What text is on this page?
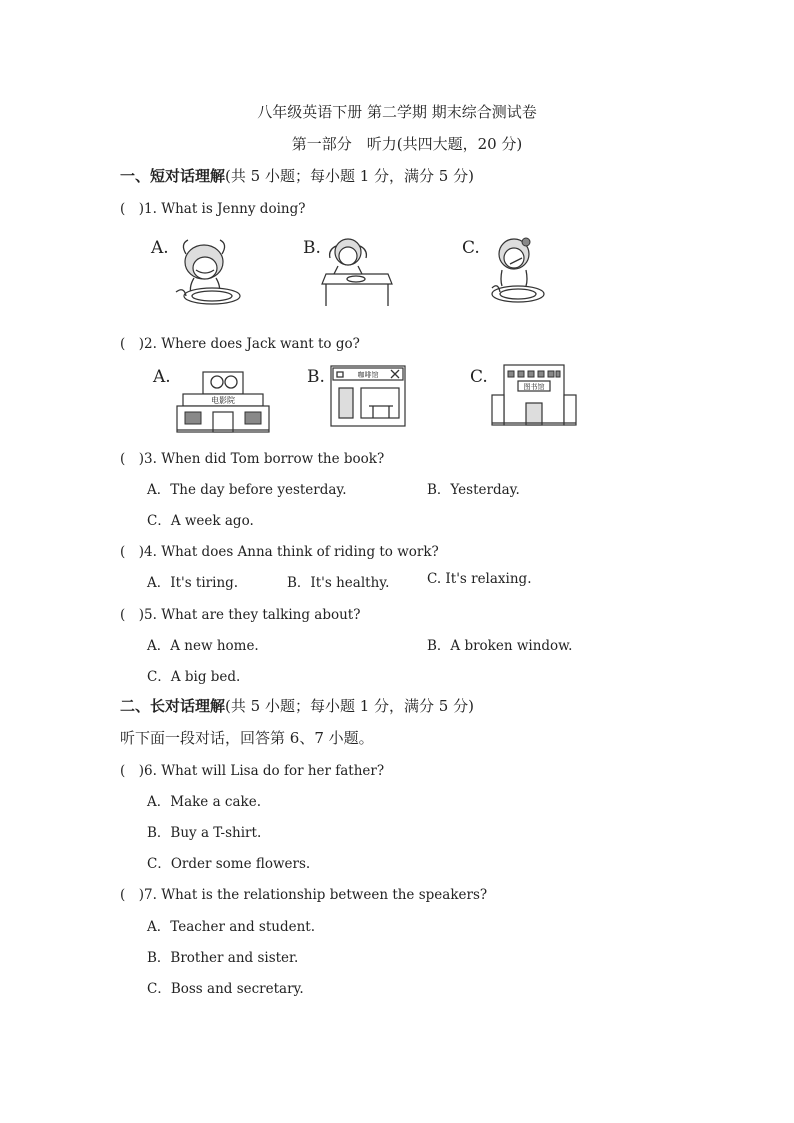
八年级英语下册 第二学期 期末综合测试卷
第一部分　听力(共四大题，20 分)
一、短对话理解(共 5 小题；每小题 1 分，满分 5 分)
(　)1. What is Jenny doing?
A.	B.	C.
(　)2. Where does Jack want to go?
A.	B.	C.
电影院
咖啡馆
图书馆
(　)3. When did Tom borrow the book?
A．The day before yesterday.	B．Yesterday.
C．A week ago.
(　)4. What does Anna think of riding to work?
A．It's tiring.	B．It's healthy.	C. It's relaxing.
(　)5. What are they talking about?
A．A new home.	B．A broken window.
C．A big bed.
二、长对话理解(共 5 小题；每小题 1 分，满分 5 分)
听下面一段对话，回答第 6、7 小题。
(　)6. What will Lisa do for her father?
A．Make a cake.
B．Buy a T-shirt.
C．Order some flowers.
(　)7. What is the relationship between the speakers?
A．Teacher and student.
B．Brother and sister.
C．Boss and secretary.
